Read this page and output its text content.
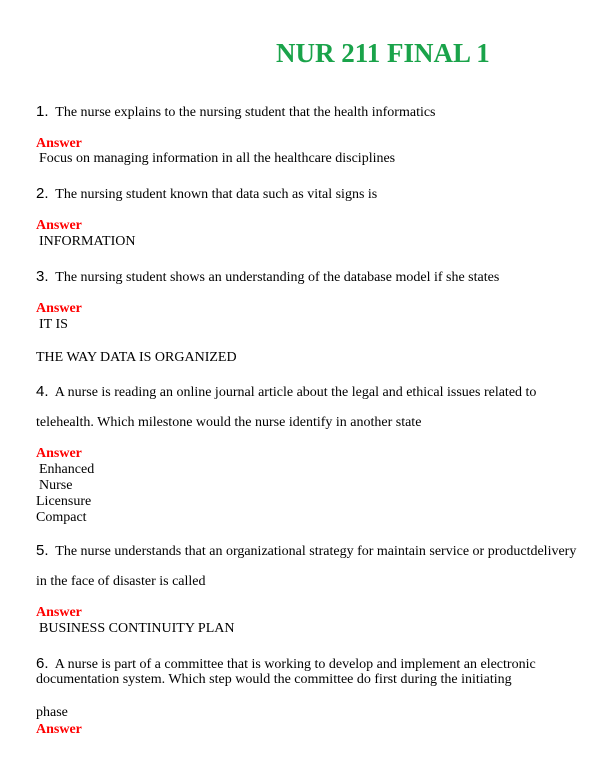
NUR 211 FINAL 1
1. The nurse explains to the nursing student that the health informatics
Answer
Focus on managing information in all the healthcare disciplines
2. The nursing student known that data such as vital signs is
Answer
INFORMATION
3. The nursing student shows an understanding of the database model if she states
Answer
IT IS
THE WAY DATA IS ORGANIZED
4. A nurse is reading an online journal article about the legal and ethical issues related to
telehealth. Which milestone would the nurse identify in another state
Answer
Enhanced
Nurse
Licensure
Compact
5. The nurse understands that an organizational strategy for maintain service or productdelivery
in the face of disaster is called
Answer
BUSINESS CONTINUITY PLAN
6. A nurse is part of a committee that is working to develop and implement an electronic
documentation system. Which step would the committee do first during the initiating
phase
Answer
